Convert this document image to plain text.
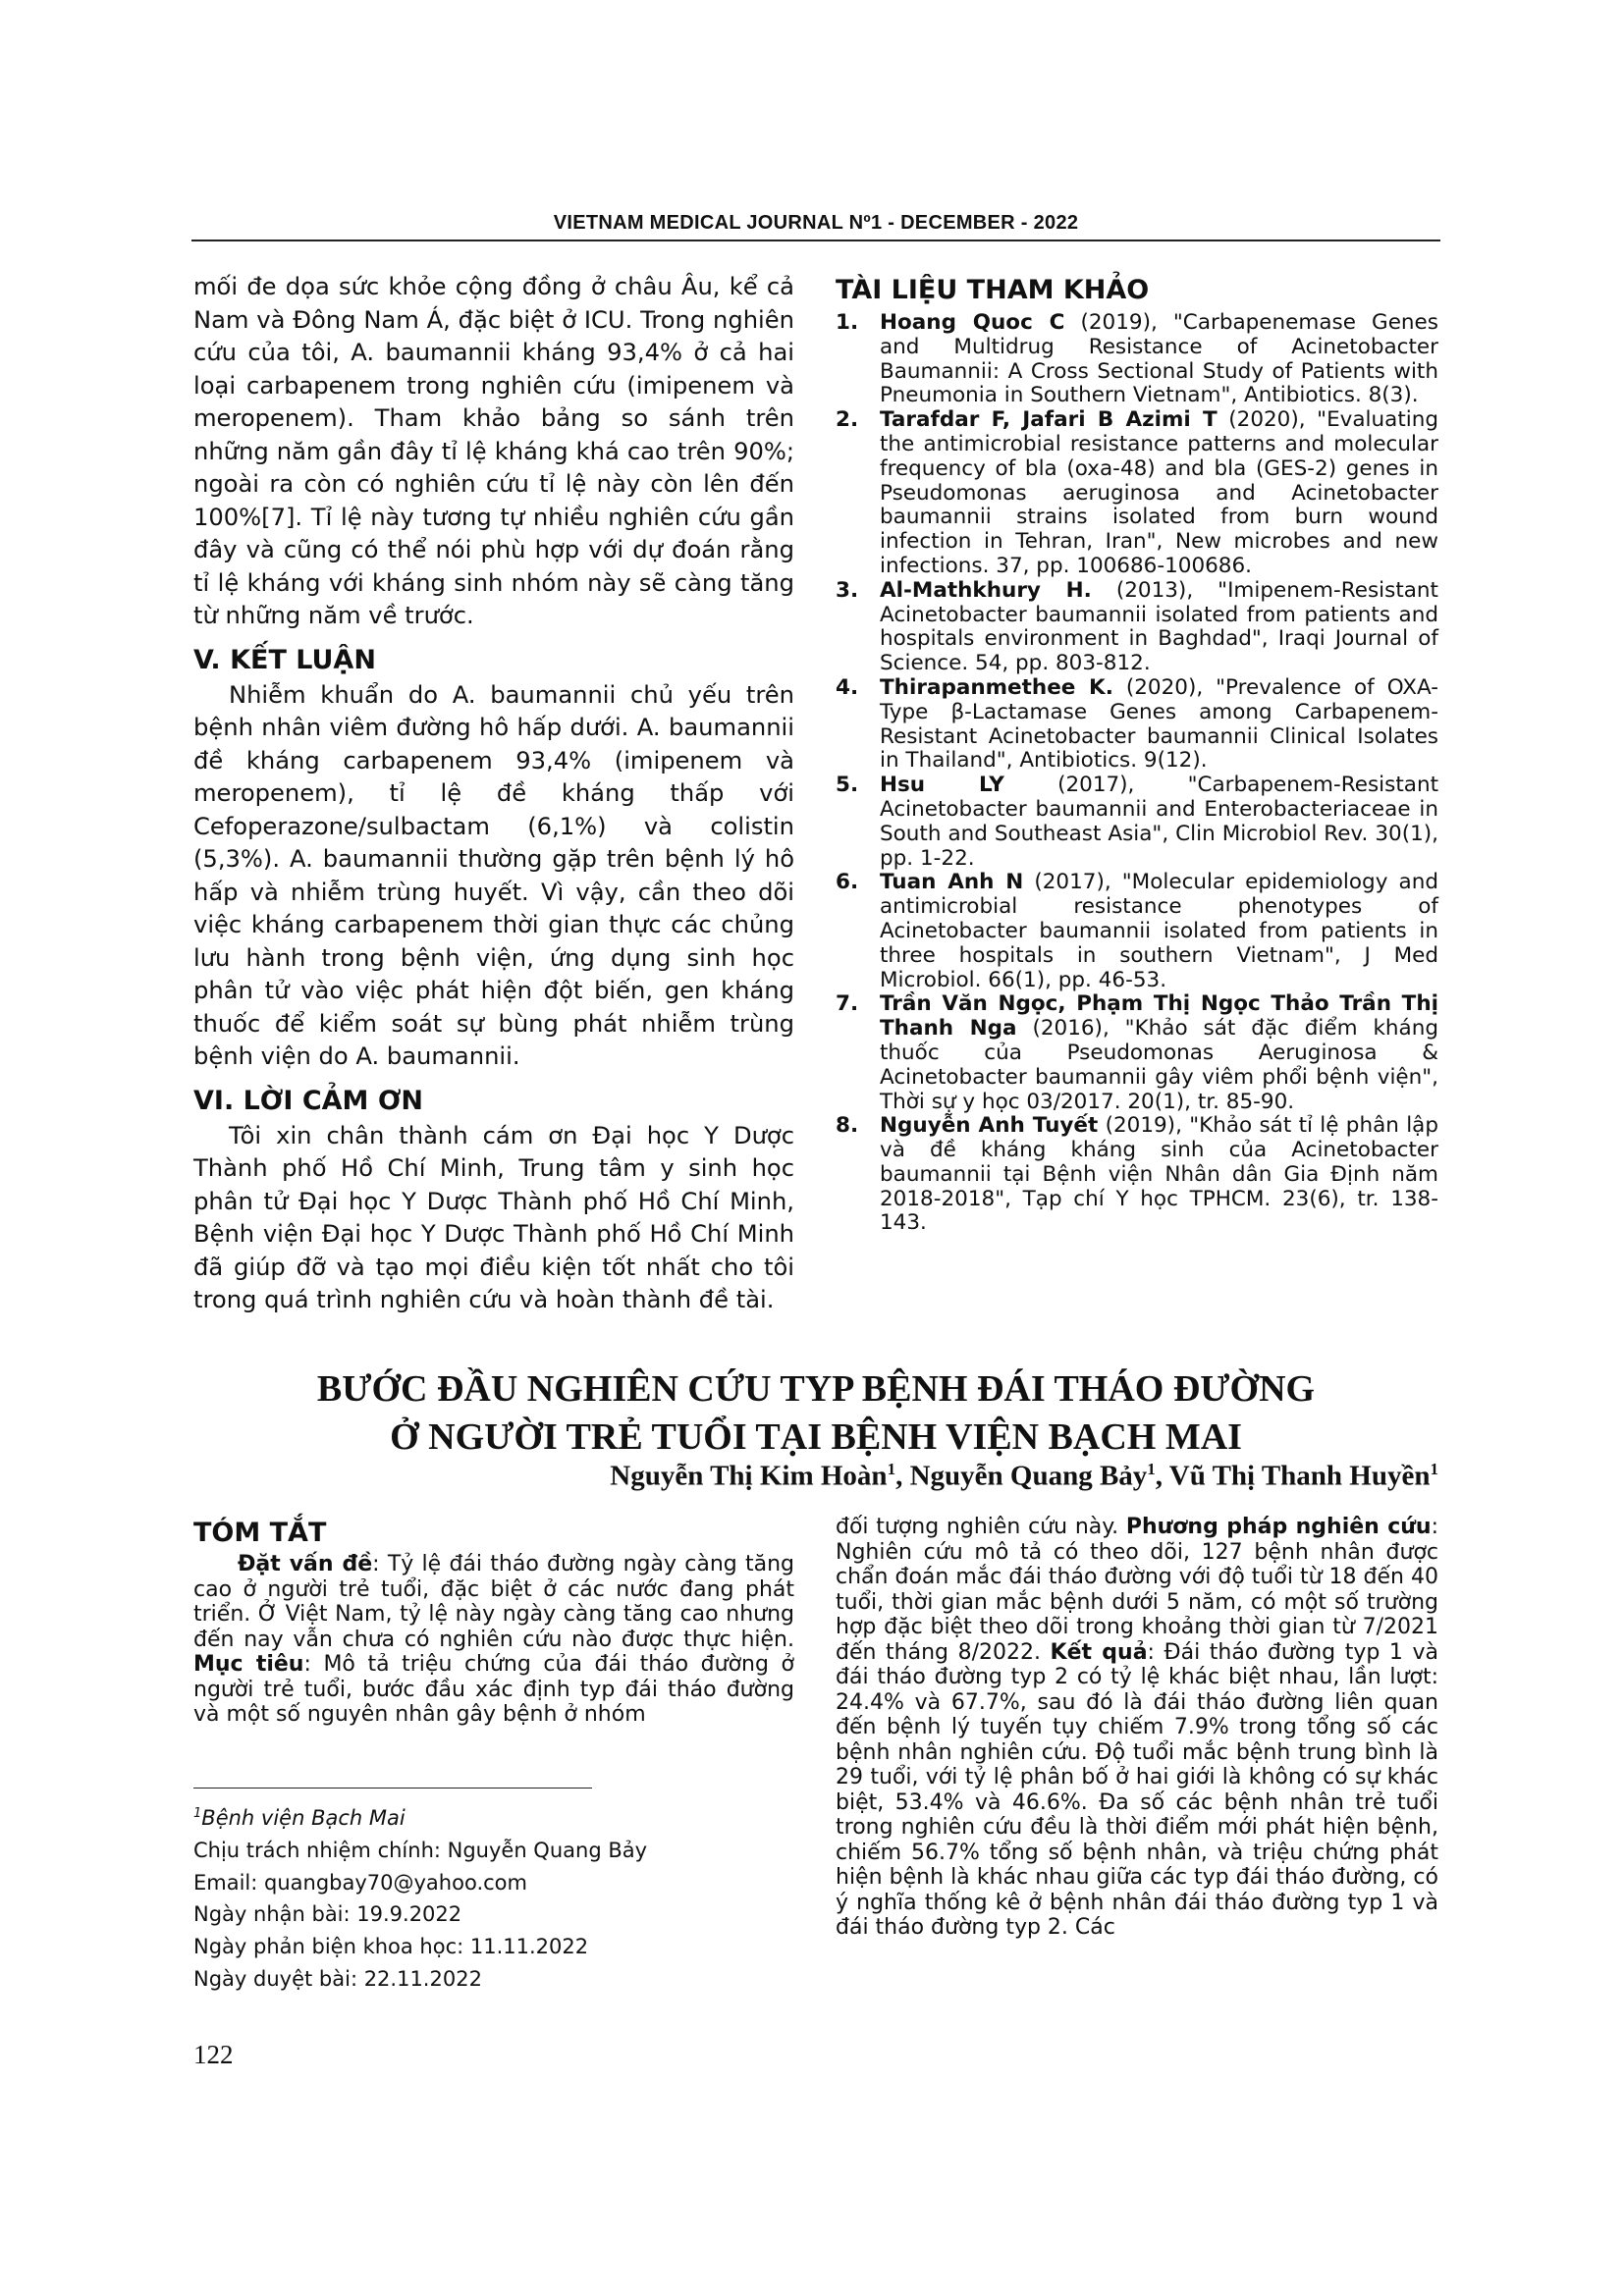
VIETNAM MEDICAL JOURNAL Nº1 - DECEMBER - 2022

mối đe dọa sức khỏe cộng đồng ở châu Âu, kể cả Nam và Đông Nam Á, đặc biệt ở ICU. Trong nghiên cứu của tôi, A. baumannii kháng 93,4% ở cả hai loại carbapenem trong nghiên cứu (imipenem và meropenem). Tham khảo bảng so sánh trên những năm gần đây tỉ lệ kháng khá cao trên 90%; ngoài ra còn có nghiên cứu tỉ lệ này còn lên đến 100%[7]. Tỉ lệ này tương tự nhiều nghiên cứu gần đây và cũng có thể nói phù hợp với dự đoán rằng tỉ lệ kháng với kháng sinh nhóm này sẽ càng tăng từ những năm về trước.

V. KẾT LUẬN

Nhiễm khuẩn do A. baumannii chủ yếu trên bệnh nhân viêm đường hô hấp dưới. A. baumannii đề kháng carbapenem 93,4% (imipenem và meropenem), tỉ lệ đề kháng thấp với Cefoperazone/sulbactam (6,1%) và colistin (5,3%). A. baumannii thường gặp trên bệnh lý hô hấp và nhiễm trùng huyết. Vì vậy, cần theo dõi việc kháng carbapenem thời gian thực các chủng lưu hành trong bệnh viện, ứng dụng sinh học phân tử vào việc phát hiện đột biến, gen kháng thuốc để kiểm soát sự bùng phát nhiễm trùng bệnh viện do A. baumannii.

VI. LỜI CẢM ƠN

Tôi xin chân thành cám ơn Đại học Y Dược Thành phố Hồ Chí Minh, Trung tâm y sinh học phân tử Đại học Y Dược Thành phố Hồ Chí Minh, Bệnh viện Đại học Y Dược Thành phố Hồ Chí Minh đã giúp đỡ và tạo mọi điều kiện tốt nhất cho tôi trong quá trình nghiên cứu và hoàn thành đề tài.

TÀI LIỆU THAM KHẢO
1. Hoang Quoc C (2019), "Carbapenemase Genes and Multidrug Resistance of Acinetobacter Baumannii: A Cross Sectional Study of Patients with Pneumonia in Southern Vietnam", Antibiotics. 8(3).
2. Tarafdar F, Jafari B Azimi T (2020), "Evaluating the antimicrobial resistance patterns and molecular frequency of bla (oxa-48) and bla (GES-2) genes in Pseudomonas aeruginosa and Acinetobacter baumannii strains isolated from burn wound infection in Tehran, Iran", New microbes and new infections. 37, pp. 100686-100686.
3. Al-Mathkhury H. (2013), "Imipenem-Resistant Acinetobacter baumannii isolated from patients and hospitals environment in Baghdad", Iraqi Journal of Science. 54, pp. 803-812.
4. Thirapanmethee K. (2020), "Prevalence of OXA-Type β-Lactamase Genes among Carbapenem-Resistant Acinetobacter baumannii Clinical Isolates in Thailand", Antibiotics. 9(12).
5. Hsu LY (2017), "Carbapenem-Resistant Acinetobacter baumannii and Enterobacteriaceae in South and Southeast Asia", Clin Microbiol Rev. 30(1), pp. 1-22.
6. Tuan Anh N (2017), "Molecular epidemiology and antimicrobial resistance phenotypes of Acinetobacter baumannii isolated from patients in three hospitals in southern Vietnam", J Med Microbiol. 66(1), pp. 46-53.
7. Trần Văn Ngọc, Phạm Thị Ngọc Thảo Trần Thị Thanh Nga (2016), "Khảo sát đặc điểm kháng thuốc của Pseudomonas Aeruginosa & Acinetobacter baumannii gây viêm phổi bệnh viện", Thời sự y học 03/2017. 20(1), tr. 85-90.
8. Nguyễn Anh Tuyết (2019), "Khảo sát tỉ lệ phân lập và đề kháng kháng sinh của Acinetobacter baumannii tại Bệnh viện Nhân dân Gia Định năm 2018-2018", Tạp chí Y học TPHCM. 23(6), tr. 138-143.
BƯỚC ĐẦU NGHIÊN CỨU TYP BỆNH ĐÁI THÁO ĐƯỜNG
Ở NGƯỜI TRẺ TUỔI TẠI BỆNH VIỆN BẠCH MAI
Nguyễn Thị Kim Hoàn$^1$, Nguyễn Quang Bảy$^1$, Vũ Thị Thanh Huyền$^1$
TÓM TẮT

Đặt vấn đề: Tỷ lệ đái tháo đường ngày càng tăng cao ở người trẻ tuổi, đặc biệt ở các nước đang phát triển. Ở Việt Nam, tỷ lệ này ngày càng tăng cao nhưng đến nay vẫn chưa có nghiên cứu nào được thực hiện. Mục tiêu: Mô tả triệu chứng của đái tháo đường ở người trẻ tuổi, bước đầu xác định typ đái tháo đường và một số nguyên nhân gây bệnh ở nhóm

$^1$Bệnh viện Bạch Mai
Chịu trách nhiệm chính: Nguyễn Quang Bảy
Email: quangbay70@yahoo.com
Ngày nhận bài: 19.9.2022
Ngày phản biện khoa học: 11.11.2022
Ngày duyệt bài: 22.11.2022

đối tượng nghiên cứu này. Phương pháp nghiên cứu: Nghiên cứu mô tả có theo dõi, 127 bệnh nhân được chẩn đoán mắc đái tháo đường với độ tuổi từ 18 đến 40 tuổi, thời gian mắc bệnh dưới 5 năm, có một số trường hợp đặc biệt theo dõi trong khoảng thời gian từ 7/2021 đến tháng 8/2022. Kết quả: Đái tháo đường typ 1 và đái tháo đường typ 2 có tỷ lệ khác biệt nhau, lần lượt: 24.4% và 67.7%, sau đó là đái tháo đường liên quan đến bệnh lý tuyến tụy chiếm 7.9% trong tổng số các bệnh nhân nghiên cứu. Độ tuổi mắc bệnh trung bình là 29 tuổi, với tỷ lệ phân bố ở hai giới là không có sự khác biệt, 53.4% và 46.6%. Đa số các bệnh nhân trẻ tuổi trong nghiên cứu đều là thời điểm mới phát hiện bệnh, chiếm 56.7% tổng số bệnh nhân, và triệu chứng phát hiện bệnh là khác nhau giữa các typ đái tháo đường, có ý nghĩa thống kê ở bệnh nhân đái tháo đường typ 1 và đái tháo đường typ 2. Các

122
